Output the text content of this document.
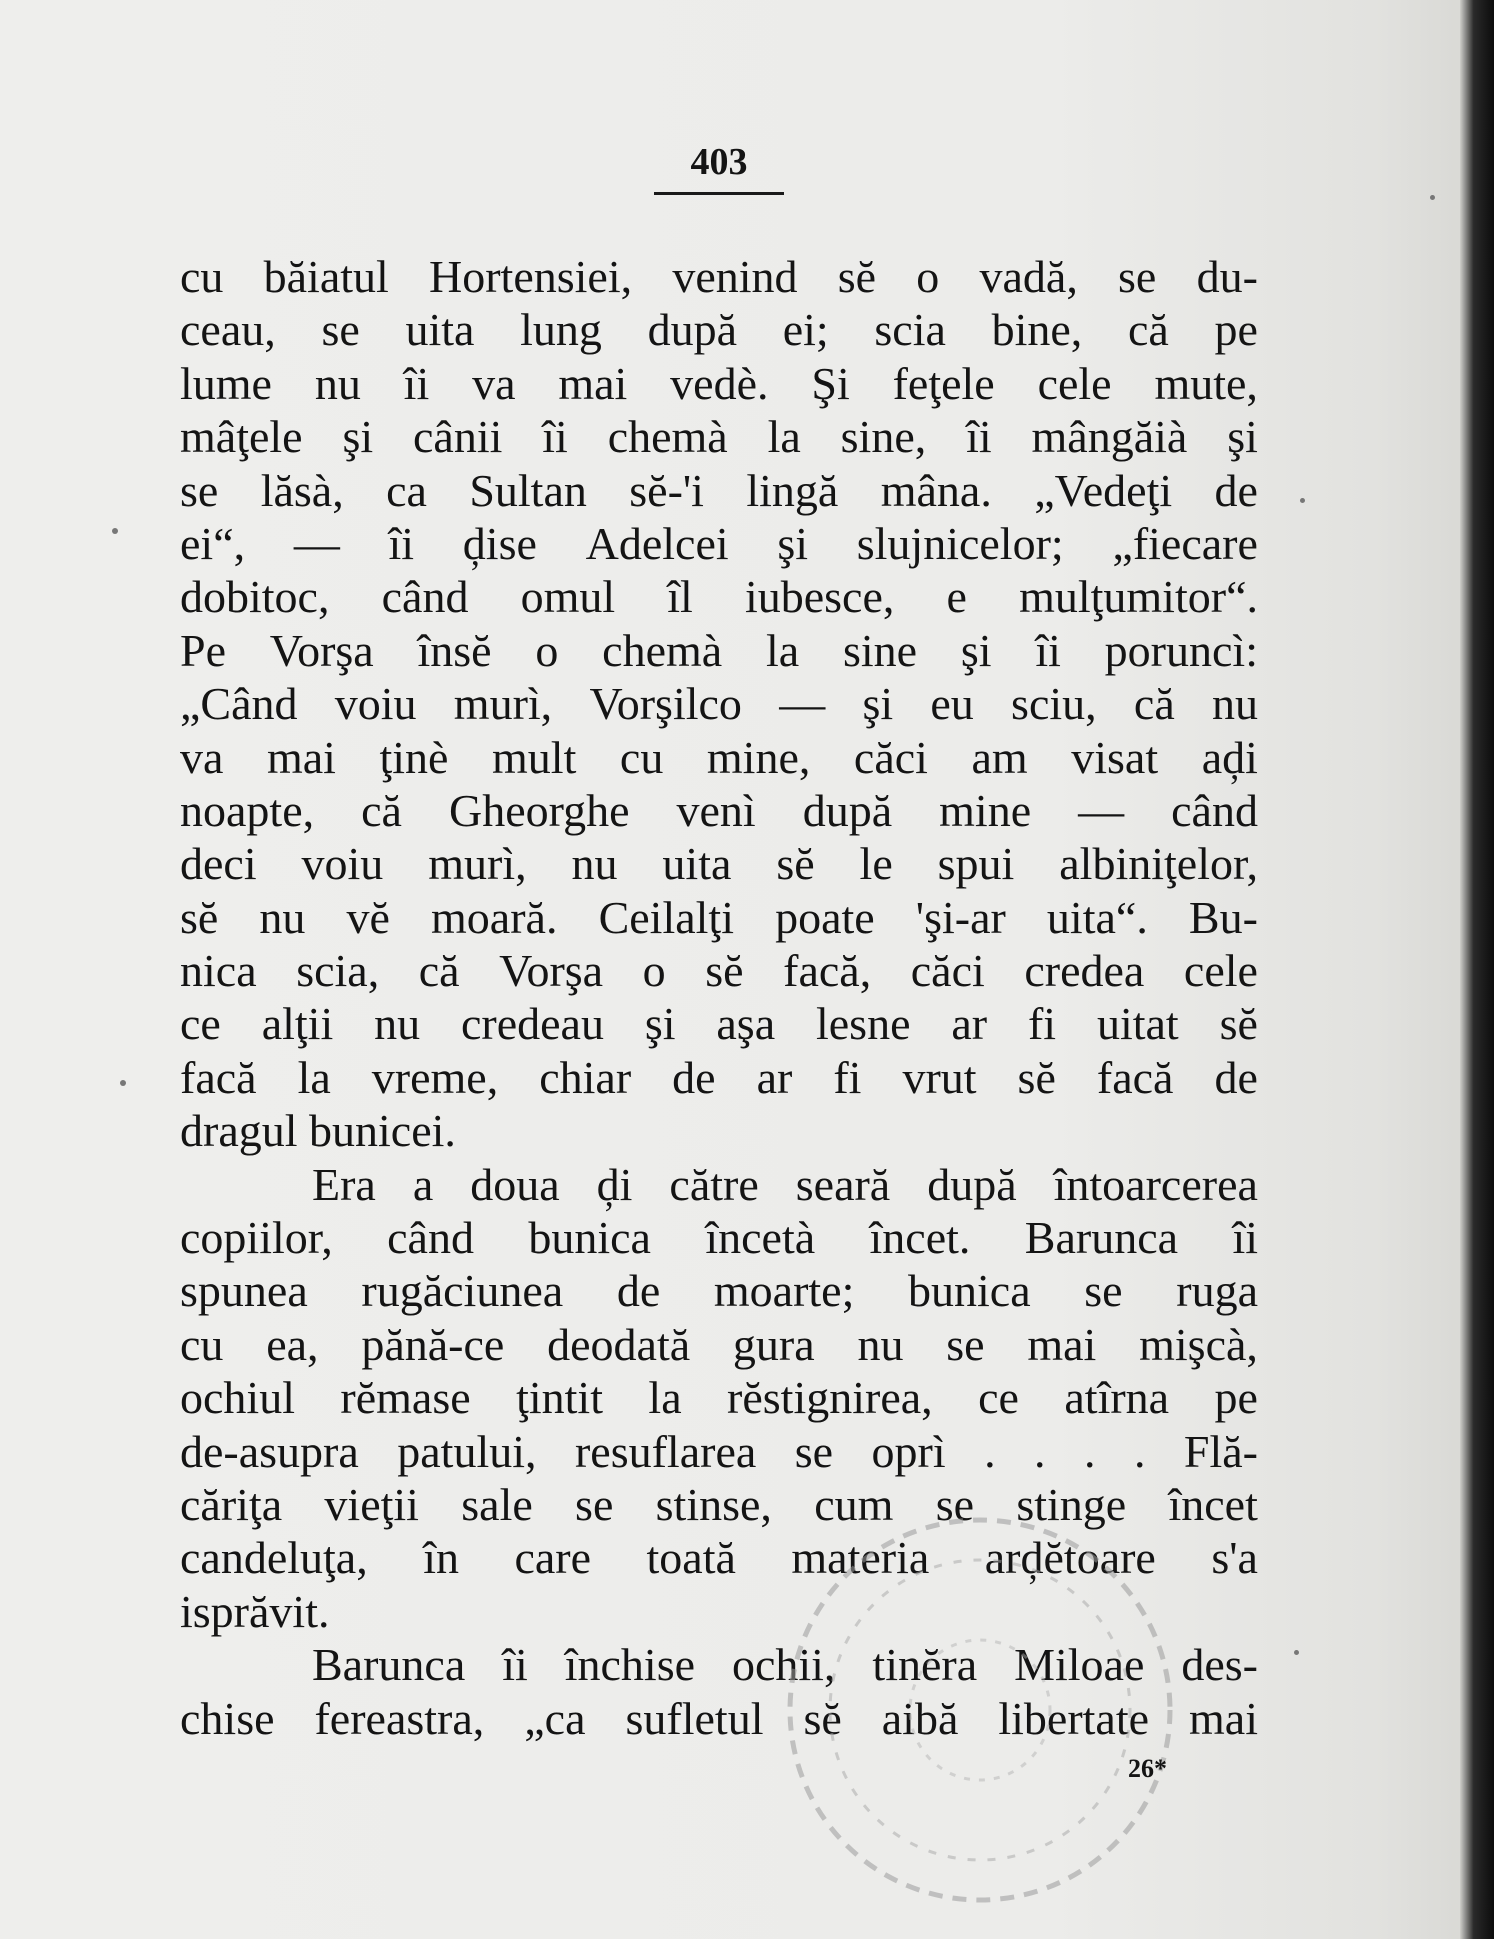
403
cu băiatul Hortensiei, venind sĕ o vadă, se du-
ceau, se uita lung după ei; scia bine, că pe
lume nu îi va mai vedè. Şi feţele cele mute,
mâţele şi cânii îi chemà la sine, îi mângăià şi
se lăsà, ca Sultan sĕ-'i lingă mâna. „Vedeţi de
ei“, — îi ḑise Adelcei şi slujnicelor; „fiecare
dobitoc, când omul îl iubesce, e mulţumitor“.
Pe Vorşa însĕ o chemà la sine şi îi poruncì:
„Când voiu murì, Vorşilco — şi eu sciu, că nu
va mai ţinè mult cu mine, căci am visat aḑi
noapte, că Gheorghe venì după mine — când
deci voiu murì, nu uita sĕ le spui albiniţelor,
sĕ nu vĕ moară. Ceilalţi poate 'şi-ar uita“. Bu-
nica scia, că Vorşa o sĕ facă, căci credea cele
ce alţii nu credeau şi aşa lesne ar fi uitat sĕ
facă la vreme, chiar de ar fi vrut sĕ facă de
dragul bunicei.
Era a doua ḑi către seară după întoarcerea
copiilor, când bunica încetà încet. Barunca îi
spunea rugăciunea de moarte; bunica se ruga
cu ea, pănă-ce deodată gura nu se mai mişcà,
ochiul rĕmase ţintit la rĕstignirea, ce atîrna pe
de-asupra patului, resuflarea se oprì . . . . Flă-
căriţa vieţii sale se stinse, cum se stinge încet
candeluţa, în care toată materia arḑĕtoare s'a
isprăvit.
Barunca îi închise ochii, tinĕra Miloae des-
chise fereastra, „ca sufletul sĕ aibă libertate mai
26*
